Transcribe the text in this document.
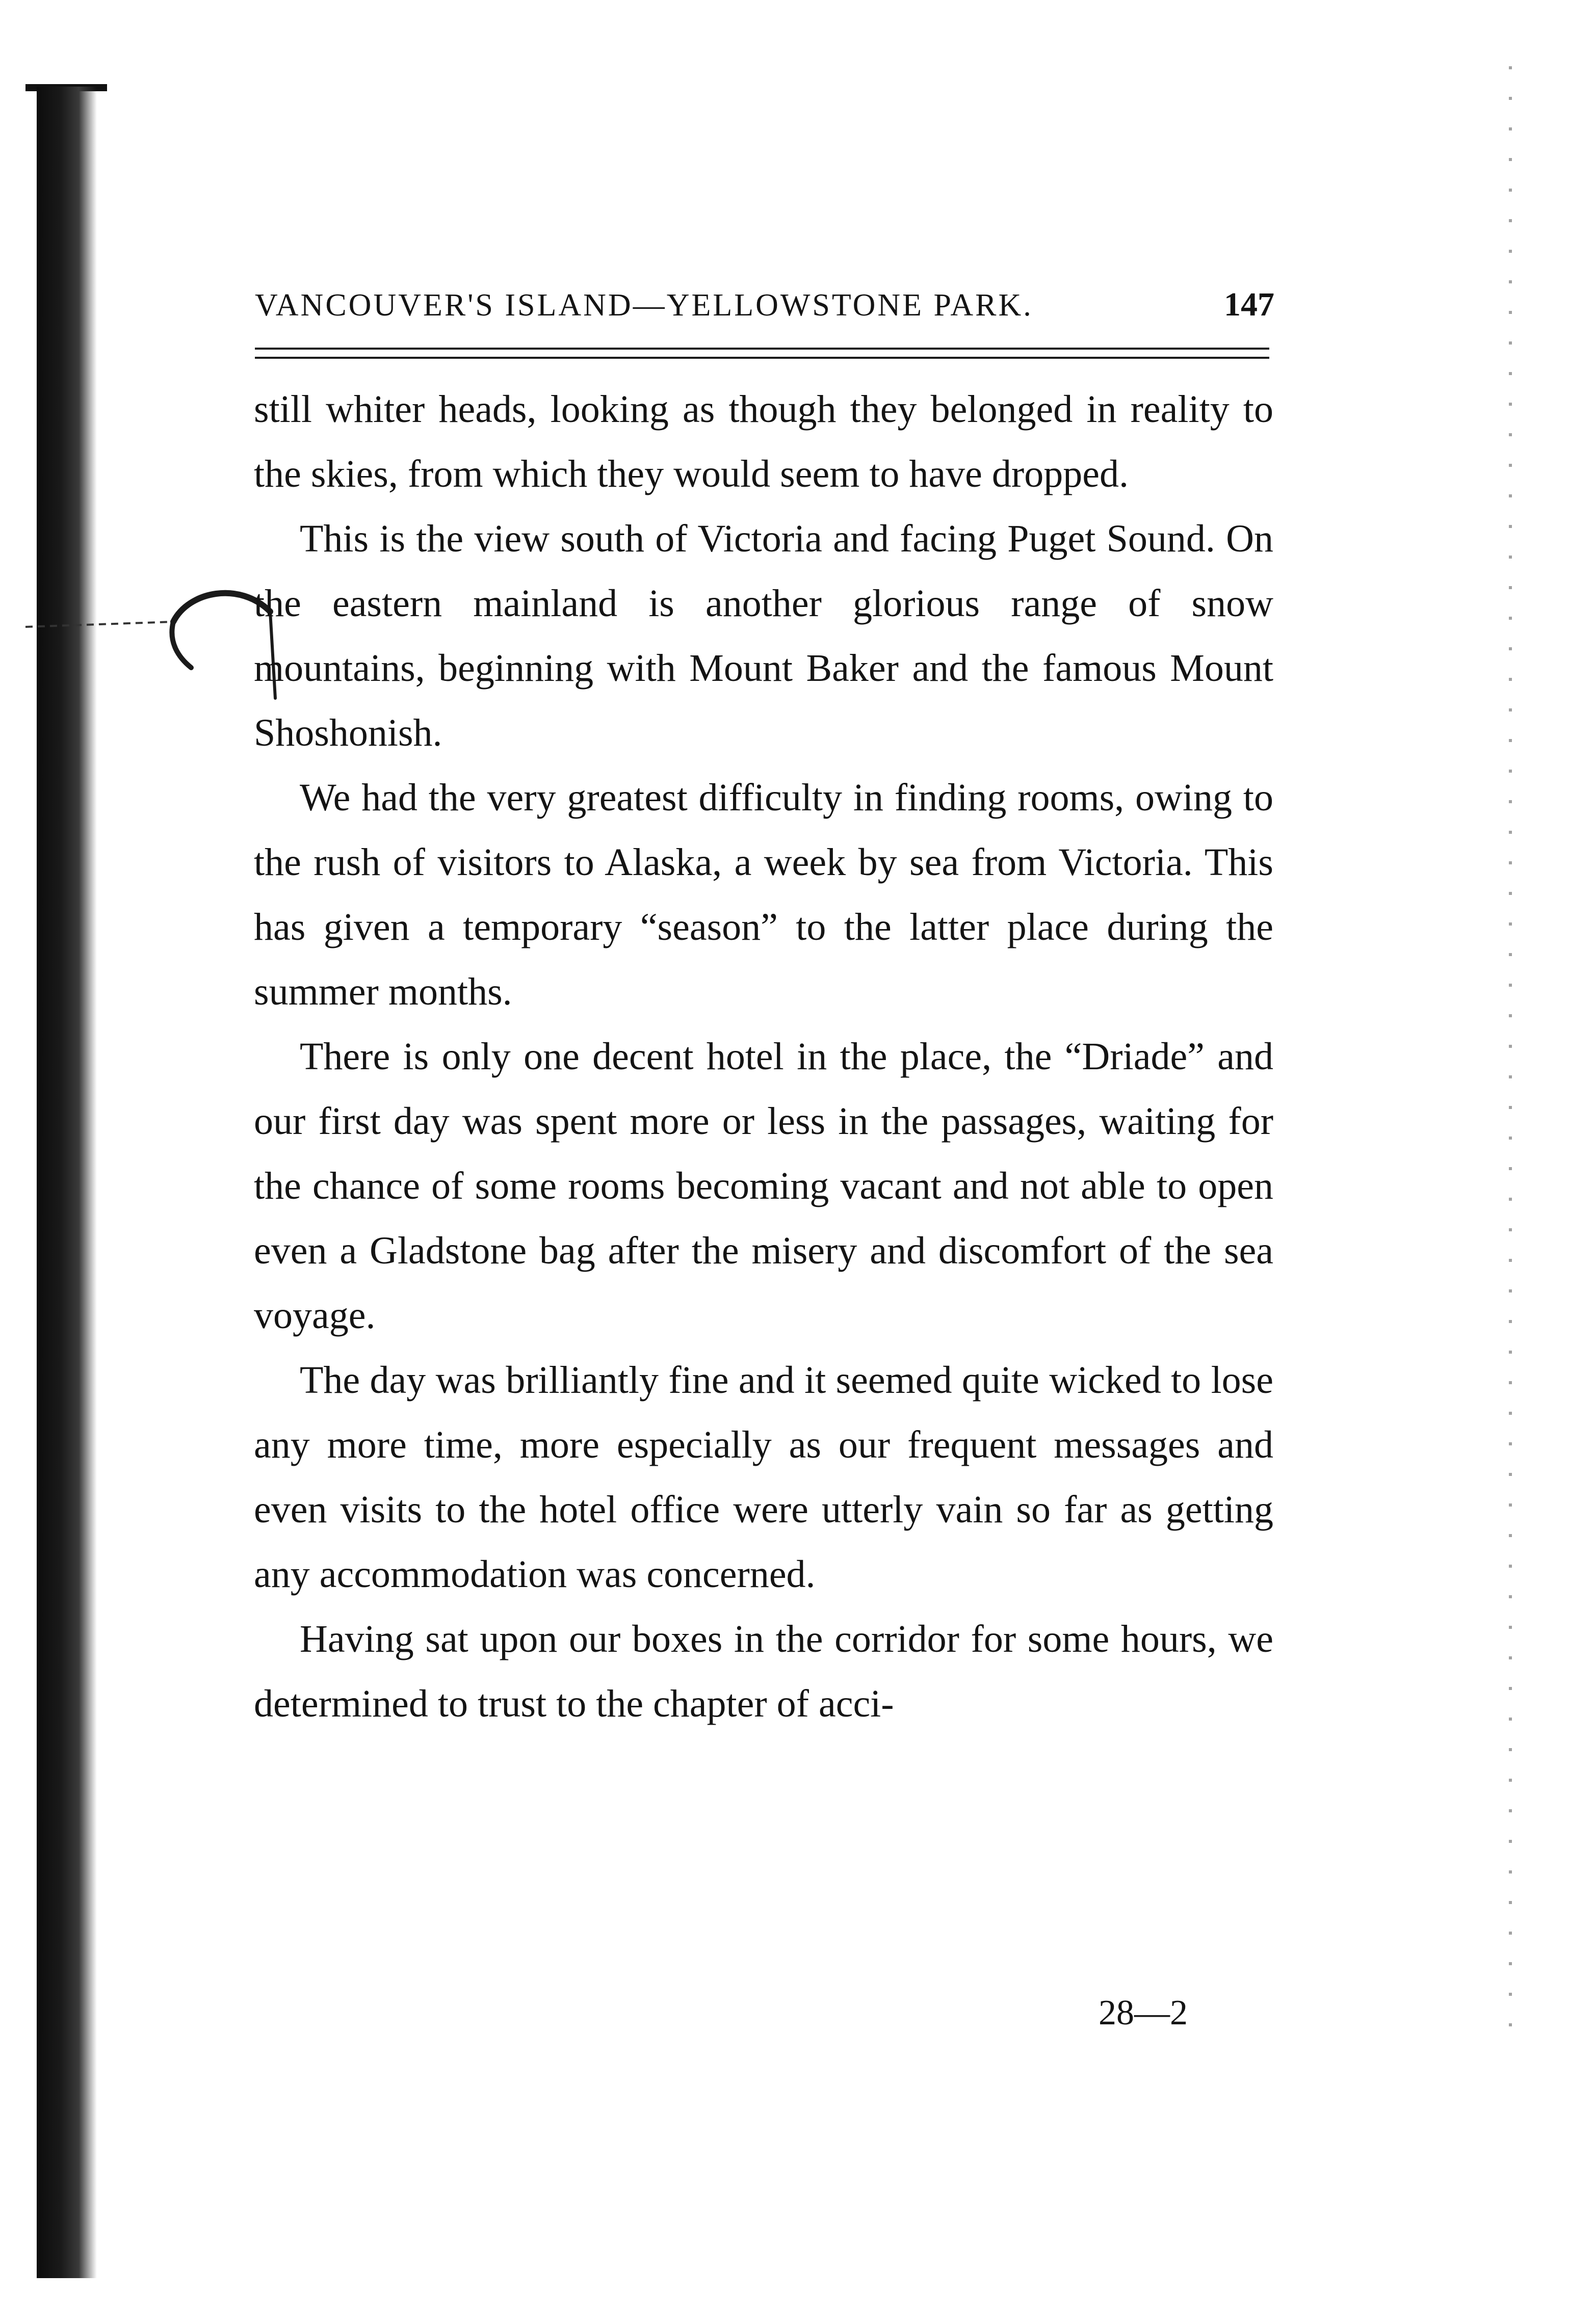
VANCOUVER'S ISLAND—YELLOWSTONE PARK.	147

still whiter heads, looking as though they belonged in reality to the skies, from which they would seem to have dropped.

This is the view south of Victoria and facing Puget Sound. On the eastern mainland is another glorious range of snow mountains, beginning with Mount Baker and the famous Mount Shoshonish.

We had the very greatest difficulty in finding rooms, owing to the rush of visitors to Alaska, a week by sea from Victoria. This has given a temporary “season” to the latter place during the summer months.

There is only one decent hotel in the place, the “Driade” and our first day was spent more or less in the passages, waiting for the chance of some rooms becoming vacant and not able to open even a Gladstone bag after the misery and discomfort of the sea voyage.

The day was brilliantly fine and it seemed quite wicked to lose any more time, more especially as our frequent messages and even visits to the hotel office were utterly vain so far as getting any accommodation was concerned.

Having sat upon our boxes in the corridor for some hours, we determined to trust to the chapter of acci-

28—2
